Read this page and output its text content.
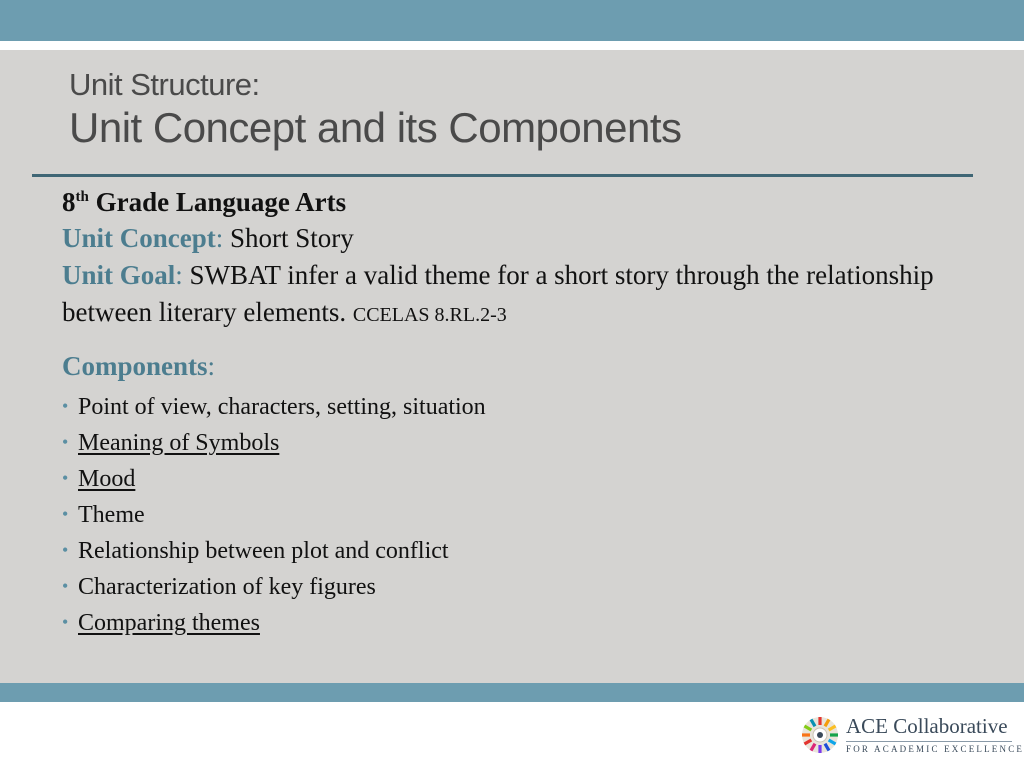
Unit Structure:
Unit Concept and its Components
8th Grade Language Arts
Unit Concept: Short Story
Unit Goal: SWBAT infer a valid theme for a short story through the relationship between literary elements. CCELAS 8.RL.2-3
Components:
• Point of view, characters, setting, situation
• Meaning of Symbols
• Mood
• Theme
• Relationship between plot and conflict
• Characterization of key figures
• Comparing themes
ACE Collaborative
FOR ACADEMIC EXCELLENCE
